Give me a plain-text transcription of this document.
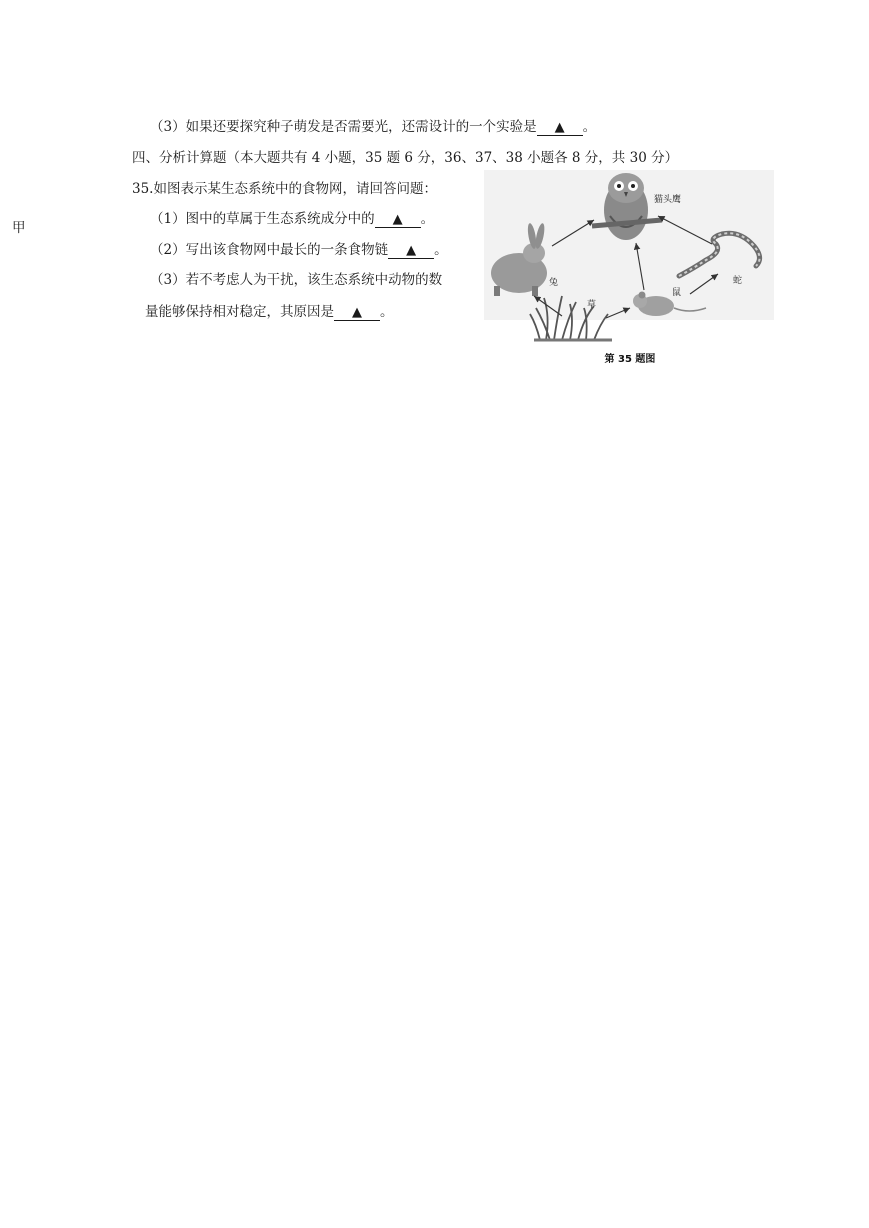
甲
（3）如果还要探究种子萌发是否需要光，还需设计的一个实验是 ▲ 。
四、分析计算题（本大题共有 4 小题，35 题 6 分，36、37、38 小题各 8 分，共 30 分）
35.如图表示某生态系统中的食物网，请回答问题：
（1）图中的草属于生态系统成分中的 ▲ 。
（2）写出该食物网中最长的一条食物链 ▲ 。
（3）若不考虑人为干扰，该生态系统中动物的数
量能够保持相对稳定，其原因是 ▲ 。
猫头鹰
兔
草
鼠
蛇
第 35 题图
